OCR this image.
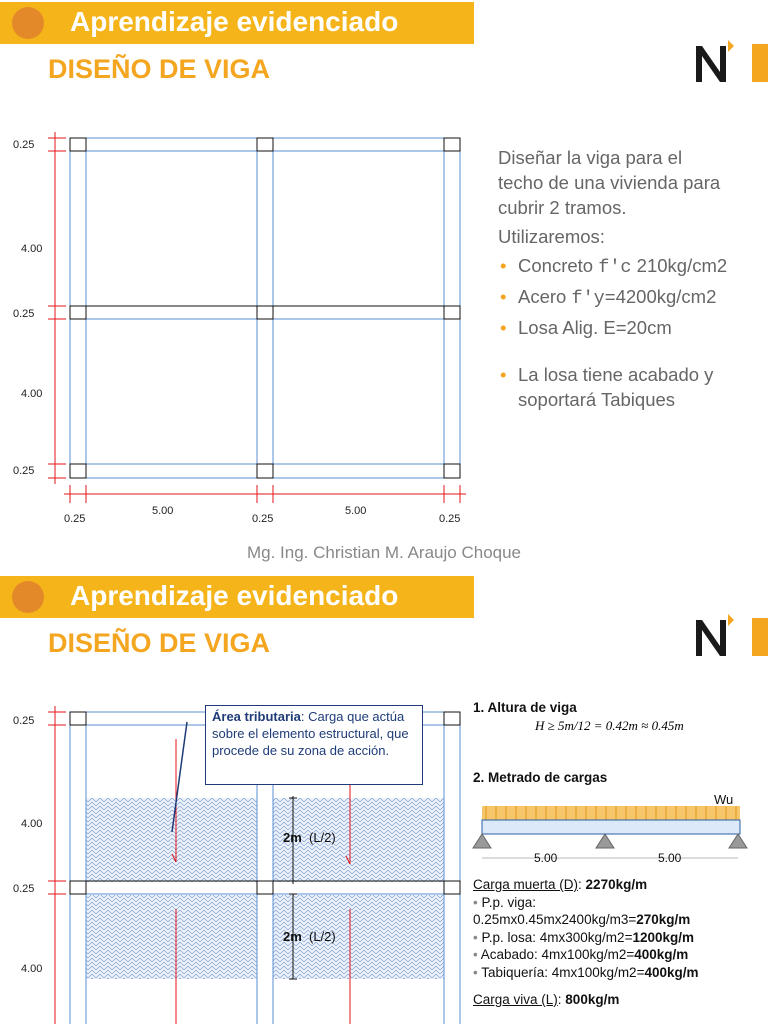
Aprendizaje evidenciado
DISEÑO DE VIGA
0.25
4.00
0.25
4.00
0.25
0.25
5.00
0.25
5.00
0.25

Diseñar la viga para el techo de una vivienda para cubrir 2 tramos.

Utilizaremos:

• Concreto f'c 210kg/cm2
• Acero f'y=4200kg/cm2
• Losa Alig. E=20cm
• La losa tiene acabado y soportará Tabiques
Mg. Ing. Christian M. Araujo Choque
Aprendizaje evidenciado
DISEÑO DE VIGA
0.25
4.00
0.25
4.00
2m (L/2)
2m (L/2)
Área tributaria: Carga que actúa sobre el elemento estructural, que procede de su zona de acción.
1. Altura de viga
H ≥ 5m/12 = 0.42m ≈ 0.45m
2. Metrado de cargas
Wu
5.00	5.00
Carga muerta (D): 2270kg/m
• P.p. viga:
0.25mx0.45mx2400kg/m3=270kg/m
• P.p. losa: 4mx300kg/m2=1200kg/m
• Acabado: 4mx100kg/m2=400kg/m
• Tabiquería: 4mx100kg/m2=400kg/m
Carga viva (L): 800kg/m
